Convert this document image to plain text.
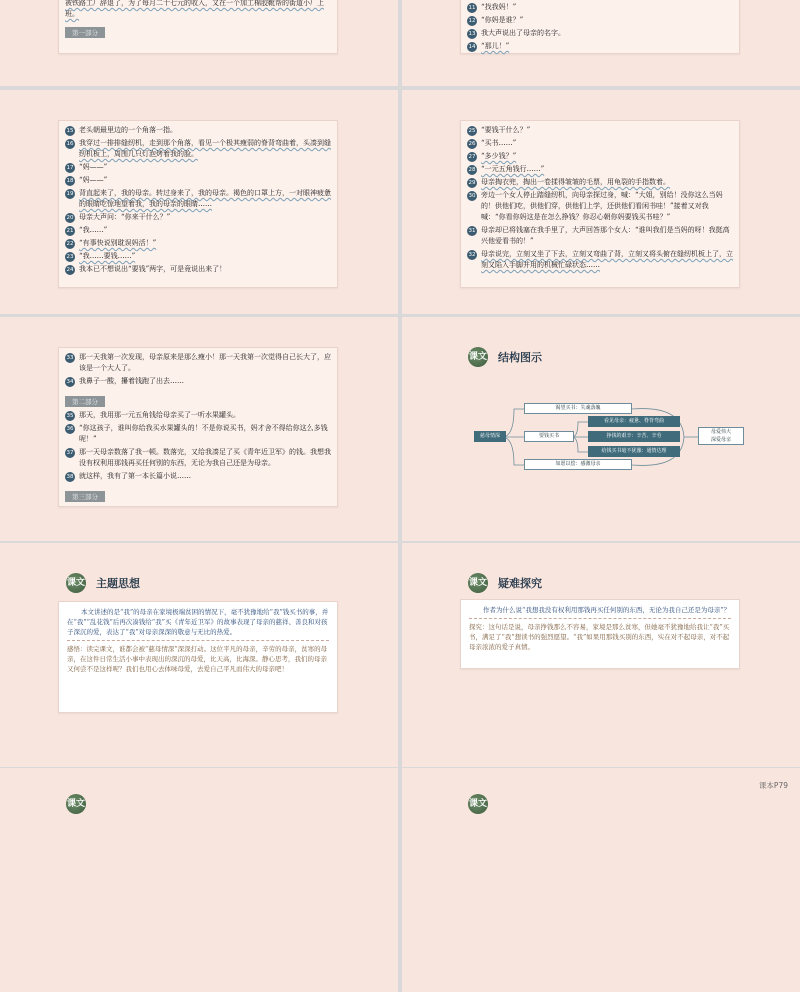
被铁路工厂辞退了，为了每月二十七元的收入，又在一个加工棉胶靴帮的街道小厂上班。

第一部分
11 “找我妈！”
12 “你妈是谁？”
13 我大声说出了母亲的名字。
14 “那儿！”
15 老头朝最里边的一个角落一指。
16 我穿过一排排缝纫机，走到那个角落，看见一个极其瘦弱的脊背弯曲着，头凑到缝纫机板上，周围几只灯泡烤着我的脸。
17 “妈——”
18 “妈——”
19 背直起来了，我的母亲。转过身来了，我的母亲。褐色的口罩上方，一对眼神疲惫的眼睛吃惊地望着我，我的母亲的眼睛……
20 母亲大声问：“你来干什么？”
21 “我……”
22 “有事快说别耽误妈活！”
23 “我……要钱……”
24 我本已不想说出“要钱”两字，可是竟说出来了！
25 “要钱干什么？”
26 “买书……”
27 “多少钱？”
28 “一元五角钱行……”
29 母亲掏衣兜，掏出一卷揉得皱皱的毛票，用龟裂的手指数着。
30 旁边一个女人停止踏缝纫机，向母亲探过身，喊：“大姐，别给！没你这么当妈的！供他们吃，供他们穿，供他们上学，还供他们看闲书哇！”接着又对我喊：“你看你妈这是在怎么挣钱？你忍心朝你妈要钱买书哇？”
31 母亲却已将钱塞在我手里了，大声回答那个女人：“谁叫我们是当妈的呀！我挺高兴他爱看书的！”
32 母亲说完，立刻又坐了下去，立刻又弯曲了背，立刻又将头俯在缝纫机板上了，立刻又陷入手脚并用的机械忙碌状态……
33 那一天我第一次发现，母亲原来是那么瘦小！那一天我第一次觉得自己长大了，应该是一个大人了。
34 我鼻子一酸，攥着钱跑了出去……
第二部分
35 那天，我用那一元五角钱给母亲买了一听水果罐头。
36 “你这孩子，谁叫你给我买水果罐头的！不是你说买书，妈才舍不得给你这么多钱呢！”
37 那一天母亲数落了我一顿。数落完，又给我凑足了买《青年近卫军》的钱。我想我没有权利用那钱再买任何别的东西，无论为我自己还是为母亲。
38 就这样，我有了第一本长篇小说……
第三部分
课文 结构图示
慈母情深
渴望买书：失魂落魄
要钱买书
看见母亲：疲惫、脊背弯曲
挣钱的艰辛：辛苦、辛劳
给钱买书毫不犹豫：通情达理
如愿以偿：感激母亲
母爱伟大
深爱母亲
课文 主题思想

本文讲述的是“我”的母亲在家境极端贫困的情况下，毫不犹豫地给“我”钱买书的事，并在“我”“乱花钱”后再次凑钱给“我”买《青年近卫军》的故事表现了母亲的慈祥、善良和对孩子深沉的爱，表达了“我”对母亲深深的敬意与无比的热爱。

感悟：读完课文，谁都会被“慈母情深”深深打动。这位平凡的母亲，辛劳的母亲，贫寒的母亲，在这件日常生活小事中表现出的深沉的母爱，比天高，比海深。静心思考，我们的母亲又何尝不是这样呢？我们也用心去体味母爱，去爱自己平凡而伟大的母亲吧！

课文 疑难探究

作者为什么说“我想我没有权利用那钱再买任何别的东西，无论为我自己还是为母亲”？

探究：这句话是说，母亲挣钱那么不容易，家境是那么贫寒，但她毫不犹豫地给我让“我”买书，满足了“我”想读书的强烈愿望。“我”如果用那钱买别的东西，实在对不起母亲，对不起母亲浓浓的爱子真情。

课文	课文
课本P79
